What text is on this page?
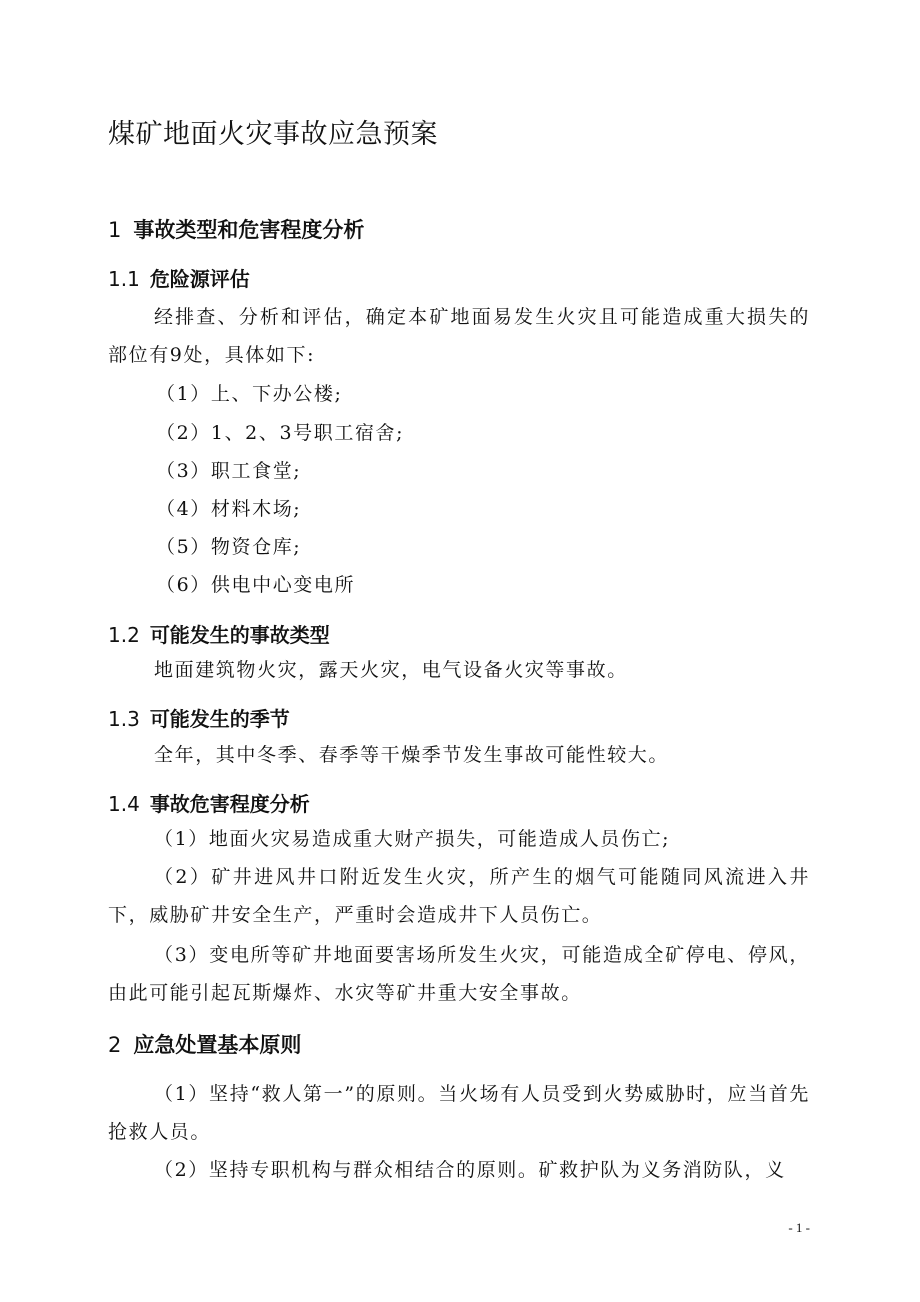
煤矿地面火灾事故应急预案
1 事故类型和危害程度分析
1.1 危险源评估

经排查、分析和评估，确定本矿地面易发生火灾且可能造成重大损失的部位有9处，具体如下:

（1）上、下办公楼;

（2）1、2、3号职工宿舍;

（3）职工食堂;

（4）材料木场;

（5）物资仓库;

（6）供电中心变电所

1.2 可能发生的事故类型

地面建筑物火灾，露天火灾，电气设备火灾等事故。

1.3 可能发生的季节

全年，其中冬季、春季等干燥季节发生事故可能性较大。

1.4 事故危害程度分析

（1）地面火灾易造成重大财产损失，可能造成人员伤亡;

（2）矿井进风井口附近发生火灾，所产生的烟气可能随同风流进入井下，威胁矿井安全生产，严重时会造成井下人员伤亡。

（3）变电所等矿井地面要害场所发生火灾，可能造成全矿停电、停风，由此可能引起瓦斯爆炸、水灾等矿井重大安全事故。

2 应急处置基本原则

（1）坚持“救人第一”的原则。当火场有人员受到火势威胁时，应当首先抢救人员。

（2）坚持专职机构与群众相结合的原则。矿救护队为义务消防队，义

- 1 -
